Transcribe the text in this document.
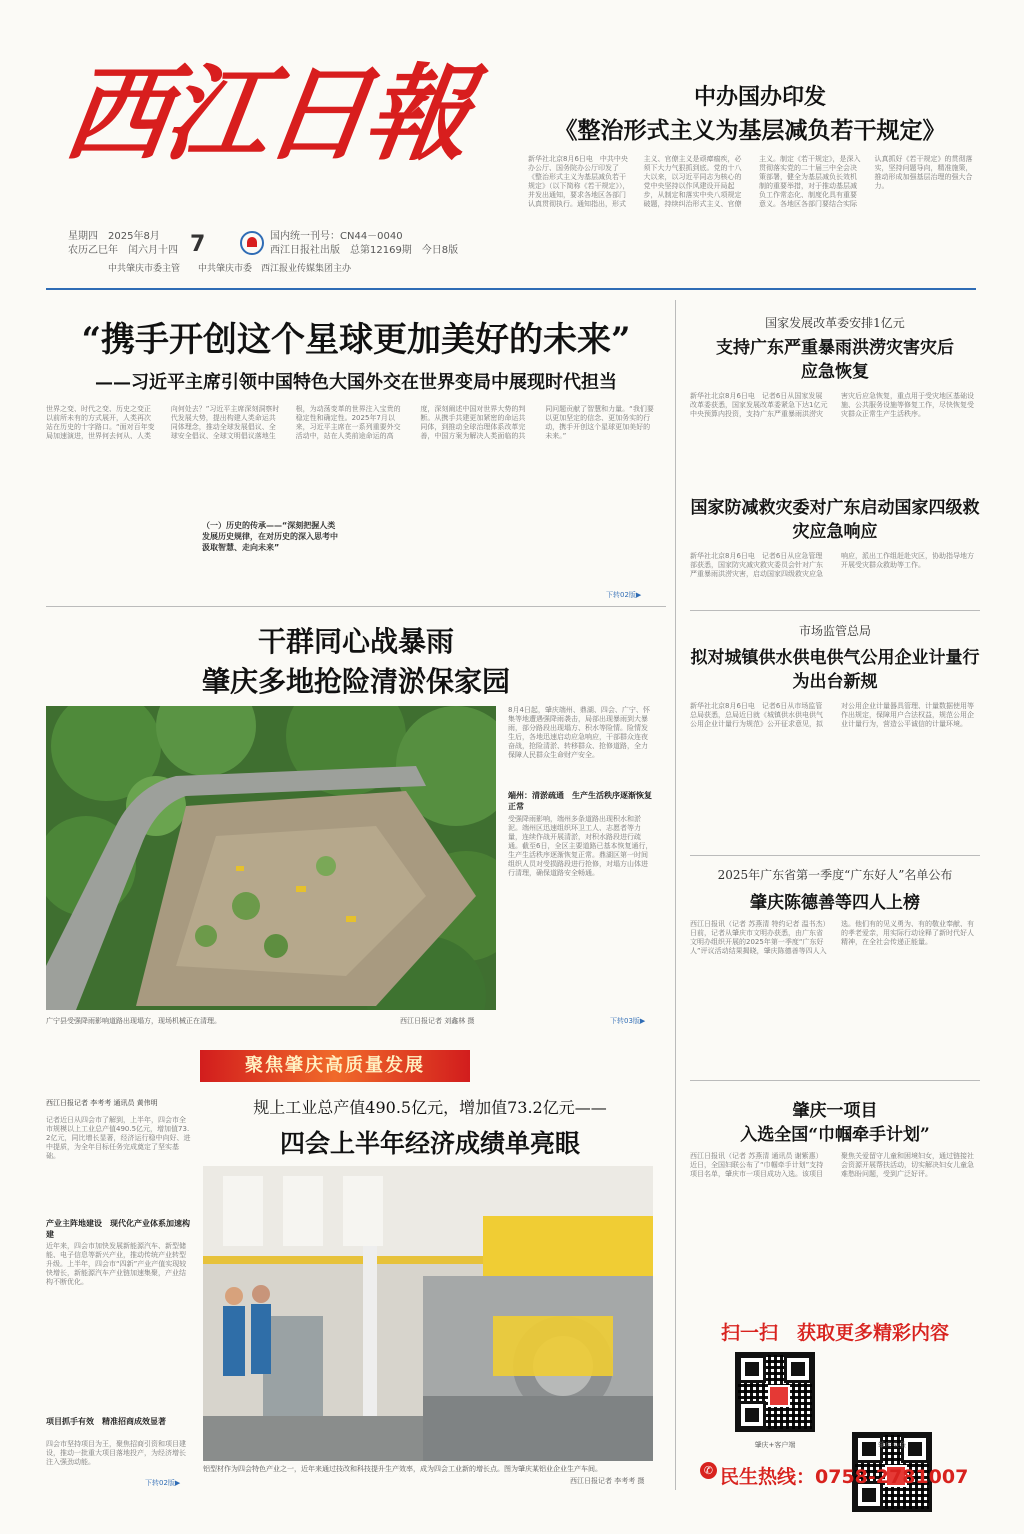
西江日報
星期四　2025年8月
农历乙巳年　闰六月十四 7	国内统一刊号：CN44－0040
西江日报社出版　总第12169期　今日8版
中共肇庆市委主管　　中共肇庆市委　西江报业传媒集团主办
中办国办印发
《整治形式主义为基层减负若干规定》
新华社北京8月6日电　中共中央办公厅、国务院办公厅印发了《整治形式主义为基层减负若干规定》（以下简称《若干规定》），并发出通知，要求各地区各部门认真贯彻执行。通知指出，形式主义、官僚主义是顽瘴痼疾，必须下大力气狠抓到底。党的十八大以来，以习近平同志为核心的党中央坚持以作风建设开局起步，从制定和落实中央八项规定破题，持续纠治形式主义、官僚主义。制定《若干规定》，是深入贯彻落实党的二十届三中全会决策部署，健全为基层减负长效机制的重要举措，对于推动基层减负工作常态化、制度化具有重要意义。各地区各部门要结合实际认真抓好《若干规定》的贯彻落实，坚持问题导向，精准施策，推动形成加强基层治理的强大合力。
“携手开创这个星球更加美好的未来”
——习近平主席引领中国特色大国外交在世界变局中展现时代担当
世界之变、时代之变、历史之变正以前所未有的方式展开，人类再次站在历史的十字路口。“面对百年变局加速演进，世界何去何从、人类向何处去？”习近平主席深刻洞察时代发展大势，提出构建人类命运共同体理念，推动全球发展倡议、全球安全倡议、全球文明倡议落地生根，为动荡变革的世界注入宝贵的稳定性和确定性。2025年7月以来，习近平主席在一系列重要外交活动中，站在人类前途命运的高度，深刻阐述中国对世界大势的判断。从携手共建更加紧密的命运共同体，到推动全球治理体系改革完善，中国方案为解决人类面临的共同问题贡献了智慧和力量。“我们要以更加坚定的信念、更加务实的行动，携手开创这个星球更加美好的未来。”
（一）历史的传承——“深刻把握人类发展历史规律，在对历史的深入思考中汲取智慧、走向未来”
下转02版▶
干群同心战暴雨
肇庆多地抢险清淤保家园
8月4日起，肇庆端州、鼎湖、四会、广宁、怀集等地遭遇强降雨袭击，局部出现暴雨到大暴雨，部分路段出现塌方、积水等险情。险情发生后，各地迅速启动应急响应，干部群众连夜奋战，抢险清淤、转移群众、抢修道路，全力保障人民群众生命财产安全。
端州：清淤疏通　生产生活秩序逐渐恢复正常
受强降雨影响，端州多条道路出现积水和淤泥。端州区迅速组织环卫工人、志愿者等力量，连续作战开展清淤，对积水路段进行疏通。截至6日，全区主要道路已基本恢复通行，生产生活秩序逐渐恢复正常。鼎湖区第一时间组织人员对受损路段进行抢修，对塌方山体进行清理，确保道路安全畅通。
广宁县受强降雨影响道路出现塌方，现场机械正在清理。	西江日报记者 刘鑫林 摄	下转03版▶
聚焦肇庆高质量发展
西江日报记者 李考考 通讯员 黄伟明	规上工业总产值490.5亿元，增加值73.2亿元——
四会上半年经济成绩单亮眼
记者近日从四会市了解到，上半年，四会市全市规模以上工业总产值490.5亿元，增加值73.2亿元，同比增长显著，经济运行稳中向好、进中提质，为全年目标任务完成奠定了坚实基础。
产业主阵地建设　现代化产业体系加速构建
近年来，四会市加快发展新能源汽车、新型储能、电子信息等新兴产业，推动传统产业转型升级。上半年，四会市“四新”产业产值实现较快增长，新能源汽车产业链加速集聚，产业结构不断优化。
项目抓手有效　精准招商成效显著
四会市坚持项目为王，聚焦招商引资和项目建设，推动一批重大项目落地投产，为经济增长注入强劲动能。
下转02版▶
铝型材作为四会特色产业之一，近年来通过技改和科技提升生产效率，成为四会工业新的增长点。图为肇庆某铝业企业生产车间。
西江日报记者 李考考 摄
国家发展改革委安排1亿元
支持广东严重暴雨洪涝灾害灾后应急恢复
新华社北京8月6日电　记者6日从国家发展改革委获悉，国家发展改革委紧急下达1亿元中央预算内投资，支持广东严重暴雨洪涝灾害灾后应急恢复，重点用于受灾地区基础设施、公共服务设施等修复工作，尽快恢复受灾群众正常生产生活秩序。
国家防减救灾委对广东启动国家四级救灾应急响应
新华社北京8月6日电　记者6日从应急管理部获悉，国家防灾减灾救灾委员会针对广东严重暴雨洪涝灾害，启动国家四级救灾应急响应，派出工作组赶赴灾区，协助指导地方开展受灾群众救助等工作。
市场监管总局
拟对城镇供水供电供气公用企业计量行为出台新规
新华社北京8月6日电　记者6日从市场监管总局获悉，总局近日就《城镇供水供电供气公用企业计量行为规范》公开征求意见，拟对公用企业计量器具管理、计量数据使用等作出规定，保障用户合法权益，规范公用企业计量行为，营造公平诚信的计量环境。
2025年广东省第一季度“广东好人”名单公布
肇庆陈德善等四人上榜
西江日报讯（记者 苏燕清 特约记者 温书杰）日前，记者从肇庆市文明办获悉，由广东省文明办组织开展的2025年第一季度“广东好人”评议活动结果揭晓，肇庆陈德善等四人入选。他们有的见义勇为、有的敬业奉献、有的孝老爱亲，用实际行动诠释了新时代好人精神，在全社会传递正能量。
肇庆一项目
入选全国“巾帼牵手计划”
西江日报讯（记者 苏燕清 通讯员 谢紫惠）近日，全国妇联公布了“巾帼牵手计划”支持项目名单，肇庆市一项目成功入选。该项目聚焦关爱留守儿童和困境妇女，通过链接社会资源开展帮扶活动，切实解决妇女儿童急难愁盼问题，受到广泛好评。
扫一扫　获取更多精彩内容
肇庆+客户端	肇庆头条
✆ 民生热线：0758-2781007
